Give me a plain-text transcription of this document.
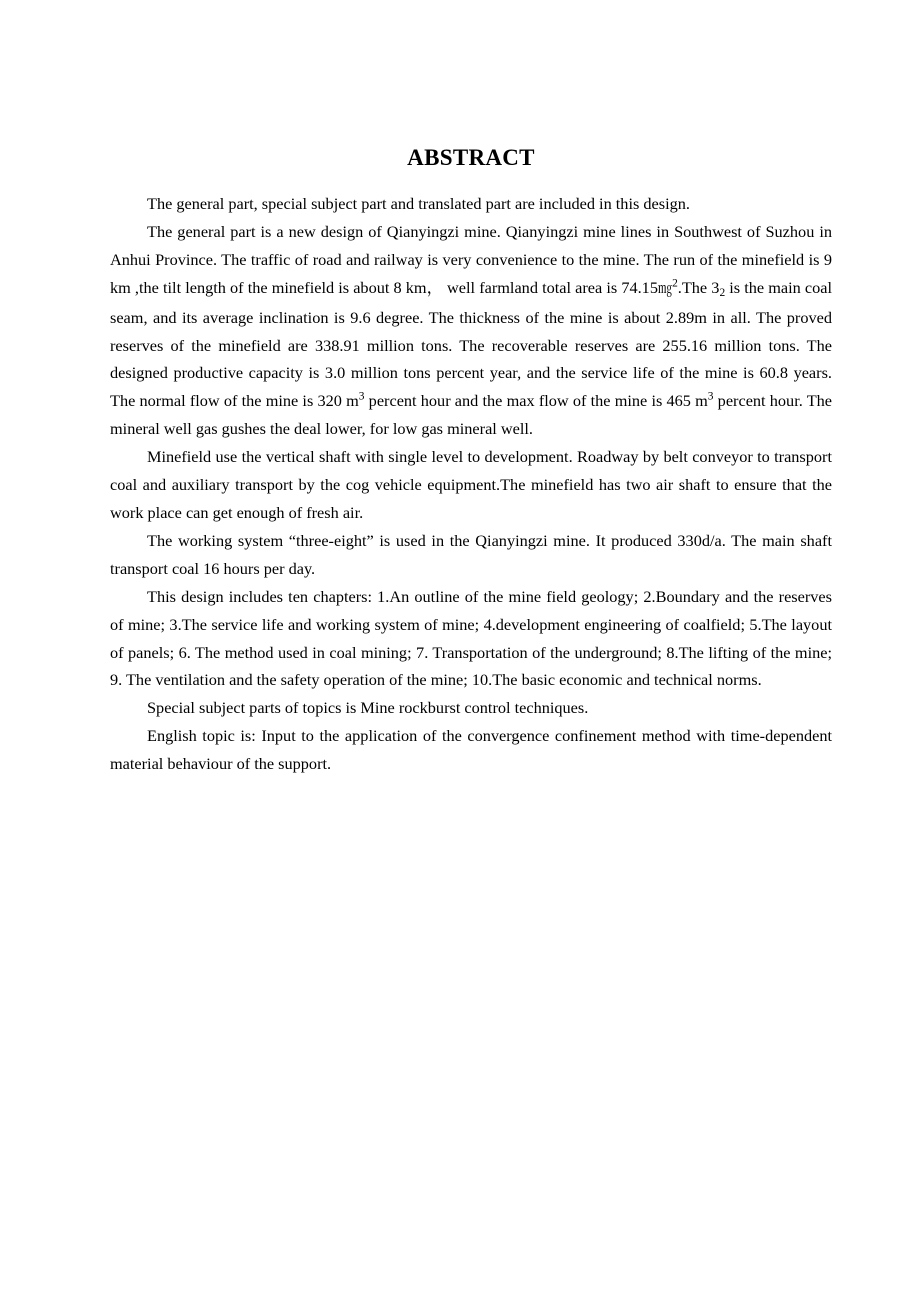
ABSTRACT

The general part, special subject part and translated part are included in this design.

The general part is a new design of Qianyingzi mine. Qianyingzi mine lines in Southwest of Suzhou in Anhui Province. The traffic of road and railway is very convenience to the mine. The run of the minefield is 9 km ,the tilt length of the minefield is about 8 km， well farmland total area is 74.15㎎$^2$.The $3_2$ is the main coal seam, and its average inclination is 9.6 degree. The thickness of the mine is about 2.89m in all. The proved reserves of the minefield are 338.91 million tons. The recoverable reserves are 255.16 million tons. The designed productive capacity is 3.0 million tons percent year, and the service life of the mine is 60.8 years. The normal flow of the mine is 320 $m^3$ percent hour and the max flow of the mine is 465 $m^3$ percent hour. The mineral well gas gushes the deal lower, for low gas mineral well.

Minefield use the vertical shaft with single level to development. Roadway by belt conveyor to transport coal and auxiliary transport by the cog vehicle equipment.The minefield has two air shaft to ensure that the work place can get enough of fresh air.

The working system “three-eight” is used in the Qianyingzi mine. It produced 330d/a. The main shaft transport coal 16 hours per day.

This design includes ten chapters: 1.An outline of the mine field geology; 2.Boundary and the reserves of mine; 3.The service life and working system of mine; 4.development engineering of coalfield; 5.The layout of panels; 6. The method used in coal mining; 7. Transportation of the underground; 8.The lifting of the mine; 9. The ventilation and the safety operation of the mine; 10.The basic economic and technical norms.

Special subject parts of topics is Mine rockburst control techniques.

English topic is: Input to the application of the convergence confinement method with time-dependent material behaviour of the support.
